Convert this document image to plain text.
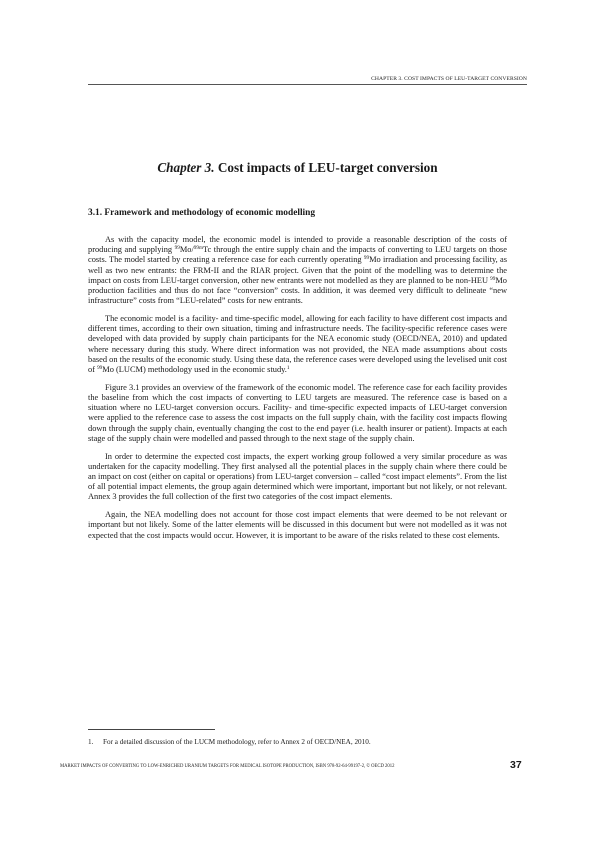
CHAPTER 3. COST IMPACTS OF LEU-TARGET CONVERSION
Chapter 3. Cost impacts of LEU-target conversion
3.1. Framework and methodology of economic modelling

As with the capacity model, the economic model is intended to provide a reasonable description of the costs of producing and supplying $^{99}$Mo/$^{99m}$Tc through the entire supply chain and the impacts of converting to LEU targets on those costs. The model started by creating a reference case for each currently operating $^{99}$Mo irradiation and processing facility, as well as two new entrants: the FRM-II and the RIAR project. Given that the point of the modelling was to determine the impact on costs from LEU-target conversion, other new entrants were not modelled as they are planned to be non-HEU $^{99}$Mo production facilities and thus do not face “conversion” costs. In addition, it was deemed very difficult to delineate “new infrastructure” costs from “LEU-related” costs for new entrants.

The economic model is a facility- and time-specific model, allowing for each facility to have different cost impacts and different times, according to their own situation, timing and infrastructure needs. The facility-specific reference cases were developed with data provided by supply chain participants for the NEA economic study (OECD/NEA, 2010) and updated where necessary during this study. Where direct information was not provided, the NEA made assumptions about costs based on the results of the economic study. Using these data, the reference cases were developed using the levelised unit cost of $^{99}$Mo (LUCM) methodology used in the economic study.$^1$

Figure 3.1 provides an overview of the framework of the economic model. The reference case for each facility provides the baseline from which the cost impacts of converting to LEU targets are measured. The reference case is based on a situation where no LEU-target conversion occurs. Facility- and time-specific expected impacts of LEU-target conversion were applied to the reference case to assess the cost impacts on the full supply chain, with the facility cost impacts flowing down through the supply chain, eventually changing the cost to the end payer (i.e. health insurer or patient). Impacts at each stage of the supply chain were modelled and passed through to the next stage of the supply chain.

In order to determine the expected cost impacts, the expert working group followed a very similar procedure as was undertaken for the capacity modelling. They first analysed all the potential places in the supply chain where there could be an impact on cost (either on capital or operations) from LEU-target conversion – called “cost impact elements”. From the list of all potential impact elements, the group again determined which were important, important but not likely, or not relevant. Annex 3 provides the full collection of the first two categories of the cost impact elements.

Again, the NEA modelling does not account for those cost impact elements that were deemed to be not relevant or important but not likely. Some of the latter elements will be discussed in this document but were not modelled as it was not expected that the cost impacts would occur. However, it is important to be aware of the risks related to these cost elements.

1. For a detailed discussion of the LUCM methodology, refer to Annex 2 of OECD/NEA, 2010.
MARKET IMPACTS OF CONVERTING TO LOW-ENRICHED URANIUM TARGETS FOR MEDICAL ISOTOPE PRODUCTION, ISBN 978-92-64-99197-2, © OECD 2012	37
